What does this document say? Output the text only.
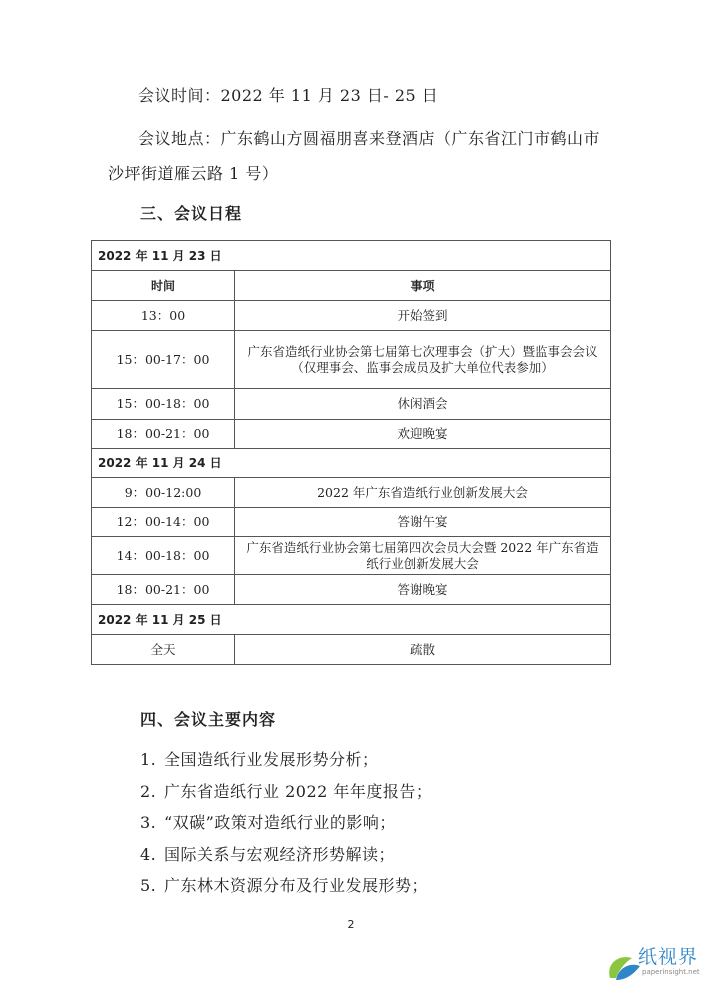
会议时间：2022 年 11 月 23 日- 25 日

会议地点：广东鹤山方圆福朋喜来登酒店（广东省江门市鹤山市沙坪街道雁云路 1 号）

三、会议日程
2022 年 11 月 23 日	
时间	事项
13：00	开始签到
15：00-17：00	广东省造纸行业协会第七届第七次理事会（扩大）暨监事会会议（仅理事会、监事会成员及扩大单位代表参加）
15：00-18：00	休闲酒会
18：00-21：00	欢迎晚宴
2022 年 11 月 24 日	
9：00-12:00	2022 年广东省造纸行业创新发展大会
12：00-14：00	答谢午宴
14：00-18：00	广东省造纸行业协会第七届第四次会员大会暨 2022 年广东省造纸行业创新发展大会
18：00-21：00	答谢晚宴
2022 年 11 月 25 日	
全天	疏散
四、会议主要内容
1. 全国造纸行业发展形势分析；
2. 广东省造纸行业 2022 年年度报告；
3. “双碳”政策对造纸行业的影响；
4. 国际关系与宏观经济形势解读；
5. 广东林木资源分布及行业发展形势；
2
纸视界
paperinsight.net
